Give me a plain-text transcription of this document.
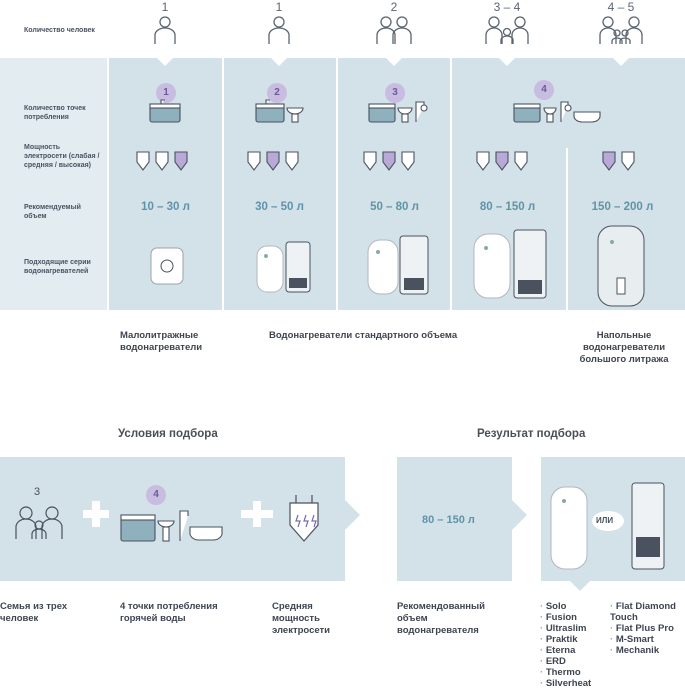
Количество человек
Количество точек потребления
Мощность электросети (слабая / средняя / высокая)
Рекомендуемый объем
Подходящие серии водонагревателей
1	1	2	3 – 4	4 – 5
1	2	3	4
10 – 30 л	30 – 50 л	50 – 80 л	80 – 150 л	150 – 200 л
Малолитражные водонагреватели
Водонагреватели стандартного объема	Напольные водонагреватели большого литража
Условия подбора	Результат подбора
3	4
80 – 150 л	ИЛИ
Семья из трех человек
4 точки потребления горячей воды
Средняя мощность электросети
Рекомендованный объем водонагревателя
· Solo
· Fusion
· Ultraslim
· Praktik
· Eterna
· ERD
· Thermo
· Silverheat
· Flat Diamond Touch
· Flat Plus Pro
· M-Smart
· Mechanik
